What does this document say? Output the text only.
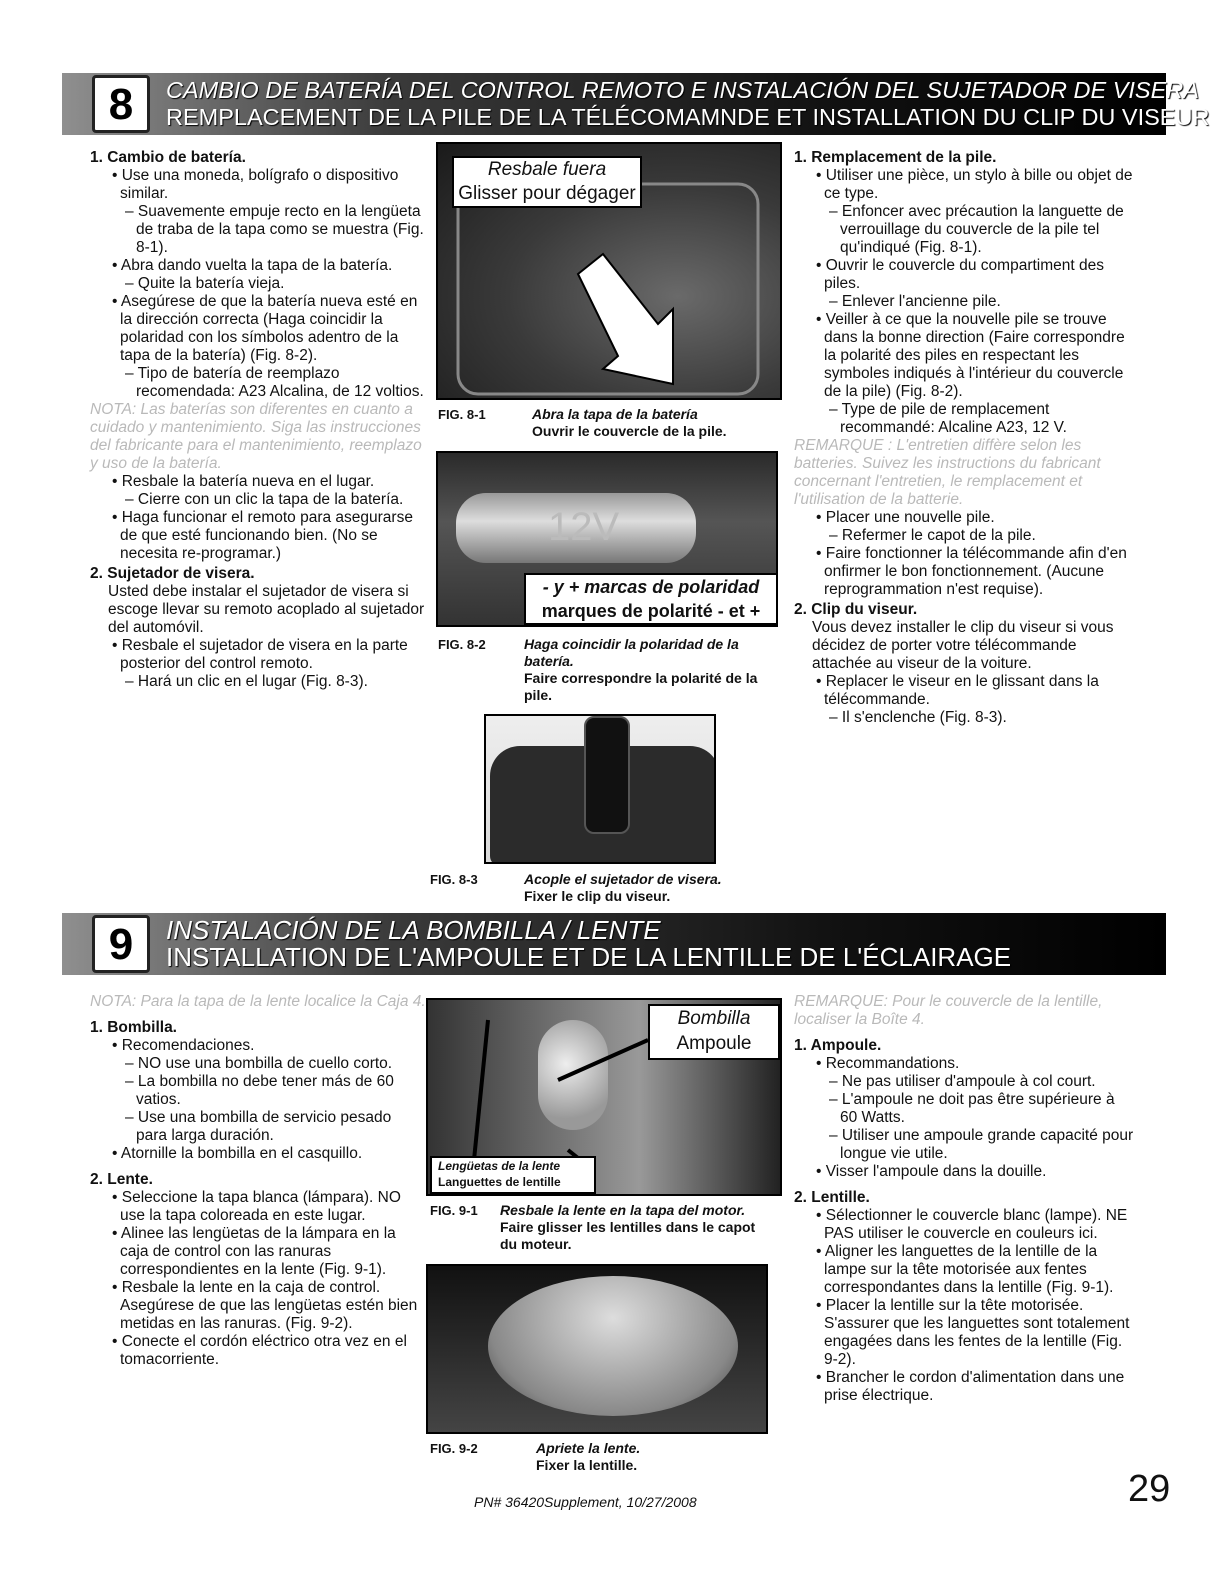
8	CAMBIO DE BATERÍA DEL CONTROL REMOTO E INSTALACIÓN DEL SUJETADOR DE VISERA
REMPLACEMENT DE LA PILE DE LA TÉLÉCOMAMNDE ET INSTALLATION DU CLIP DU VISEUR
1. Cambio de batería.

• Use una moneda, bolígrafo o dispositivo similar.

– Suavemente empuje recto en la lengüeta de traba de la tapa como se muestra (Fig. 8-1).

• Abra dando vuelta la tapa de la batería.

– Quite la batería vieja.

• Asegúrese de que la batería nueva esté en la dirección correcta (Haga coincidir la polaridad con los símbolos adentro de la tapa de la batería) (Fig. 8-2).

– Tipo de batería de reemplazo recomendada: A23 Alcalina, de 12 voltios.

NOTA: Las baterías son diferentes en cuanto a cuidado y mantenimiento. Siga las instrucciones del fabricante para el mantenimiento, reemplazo y uso de la batería.

• Resbale la batería nueva en el lugar.

– Cierre con un clic la tapa de la batería.

• Haga funcionar el remoto para asegurarse de que esté funcionando bien. (No se necesita re-programar.)

2. Sujetador de visera.

Usted debe instalar el sujetador de visera si escoge llevar su remoto acoplado al sujetador del automóvil.

• Resbale el sujetador de visera en la parte posterior del control remoto.

– Hará un clic en el lugar (Fig. 8-3).

Resbale fuera
Glisser pour dégager
FIG. 8-1	Abra la tapa de la batería
Ouvrir le couvercle de la pile.
12V
- y + marcas de polaridad
marques de polarité - et +
FIG. 8-2	Haga coincidir la polaridad de la batería.
Faire correspondre la polarité de la pile.
FIG. 8-3	Acople el sujetador de visera.
Fixer le clip du viseur.
1. Remplacement de la pile.

• Utiliser une pièce, un stylo à bille ou objet de ce type.

– Enfoncer avec précaution la languette de verrouillage du couvercle de la pile tel qu'indiqué (Fig. 8-1).

• Ouvrir le couvercle du compartiment des piles.

– Enlever l'ancienne pile.

• Veiller à ce que la nouvelle pile se trouve dans la bonne direction (Faire correspondre la polarité des piles en respectant les symboles indiqués à l'intérieur du couvercle de la pile) (Fig. 8-2).

– Type de pile de remplacement recommandé: Alcaline A23, 12 V.

REMARQUE : L'entretien diffère selon les batteries. Suivez les instructions du fabricant concernant l'entretien, le remplacement et l'utilisation de la batterie.

• Placer une nouvelle pile.

– Refermer le capot de la pile.

• Faire fonctionner la télécommande afin d'en onfirmer le bon fonctionnement. (Aucune reprogrammation n'est requise).

2. Clip du viseur.

Vous devez installer le clip du viseur si vous décidez de porter votre télécommande attachée au viseur de la voiture.

• Replacer le viseur en le glissant dans la télécommande.

– Il s'enclenche (Fig. 8-3).

9	INSTALACIÓN DE LA BOMBILLA / LENTE
INSTALLATION DE L'AMPOULE ET DE LA LENTILLE DE L'ÉCLAIRAGE

NOTA: Para la tapa de la lente localice la Caja 4.

1. Bombilla.

• Recomendaciones.

– NO use una bombilla de cuello corto.

– La bombilla no debe tener más de 60 vatios.

– Use una bombilla de servicio pesado para larga duración.

• Atornille la bombilla en el casquillo.

2. Lente.

• Seleccione la tapa blanca (lámpara). NO use la tapa coloreada en este lugar.

• Alinee las lengüetas de la lámpara en la caja de control con las ranuras correspondientes en la lente (Fig. 9-1).

• Resbale la lente en la caja de control. Asegúrese de que las lengüetas estén bien metidas en las ranuras. (Fig. 9-2).

• Conecte el cordón eléctrico otra vez en el tomacorriente.

Bombilla
Ampoule
Lengüetas de la lente
Languettes de lentille
FIG. 9-1 Resbale la lente en la tapa del motor.
Faire glisser les lentilles dans le capot du moteur.
FIG. 9-2	Apriete la lente.
Fixer la lentille.

REMARQUE: Pour le couvercle de la lentille, localiser la Boîte 4.

1. Ampoule.

• Recommandations.

– Ne pas utiliser d'ampoule à col court.

– L'ampoule ne doit pas être supérieure à 60 Watts.

– Utiliser une ampoule grande capacité pour longue vie utile.

• Visser l'ampoule dans la douille.

2. Lentille.

• Sélectionner le couvercle blanc (lampe). NE PAS utiliser le couvercle en couleurs ici.

• Aligner les languettes de la lentille de la lampe sur la tête motorisée aux fentes correspondantes dans la lentille (Fig. 9-1).

• Placer la lentille sur la tête motorisée. S'assurer que les languettes sont totalement engagées dans les fentes de la lentille (Fig. 9-2).

• Brancher le cordon d'alimentation dans une prise électrique.

PN# 36420Supplement, 10/27/2008	29
